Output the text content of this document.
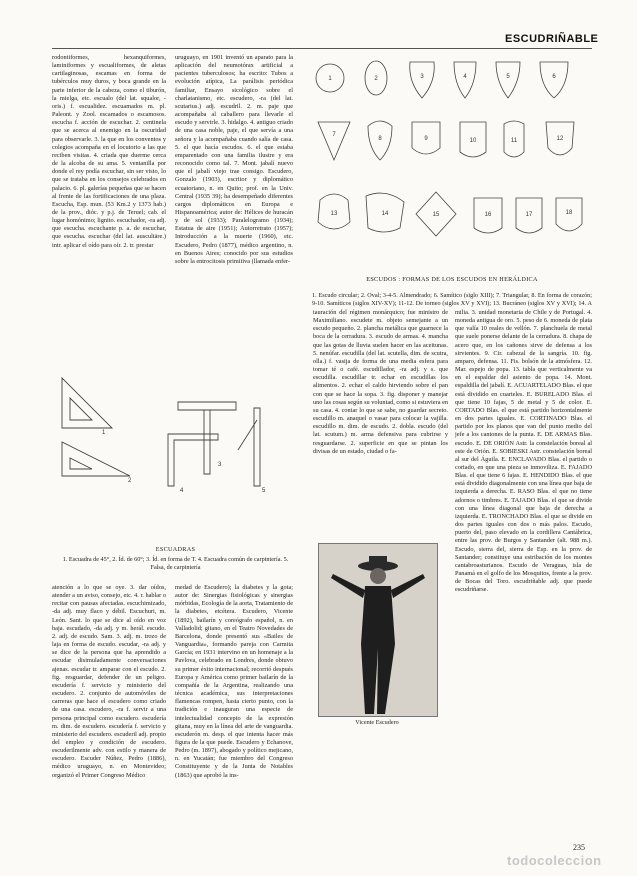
ESCUDRIÑABLE

rodontiformes, hexanquiformes, laminiformes y escualiformes, de aletas cartilaginosas, escamas en forma de tubérculos muy duros, y boca grande en la parte inferior de la cabeza, como el tiburón, la mielga, etc. escualo (del lat. squalor, -oris.) f. escualidez. escuamados m. pl. Paleont. y Zool. escamados o escamosos. escucha f. acción de escuchar. 2. centinela que se acerca al enemigo en la oscuridad para observarle. 3. la que en los conventos y colegios acompaña en el locutorio a las que reciben visitas. 4. criada que duerme cerca de la alcoba de su ama. 5. ventanilla por donde el rey podía escuchar, sin ser visto, lo que se trataba en los consejos celebrados en palacio. 6. pl. galerías pequeñas que se hacen al frente de las fortificaciones de una plaza. Escucha, Esp. mun. (53 Km.2 y 1373 hab.) de la prov., dióc. y p.j. de Teruel; cab. el lugar homónimo; lignito. escuchador, -ra adj. que escucha. escuchante p. a. de escuchar, que escucha. escuchar (del lat. auscultāre.) intr. aplicar el oído para oír. 2. tr. prestar

uruguayo, en 1901 inventó un aparato para la aplicación del neumotórax artificial a pacientes tuberculosos; ha escrito: Tubos a evolución atípica, La parálisis periódica familiar, Ensayo sicológico sobre el charlatanismo, etc. escudero, -ra (del lat. scutarius.) adj. escudril. 2. m. paje que acompañaba al caballero para llevarle el escudo y servirle. 3. hidalgo. 4. antiguo criado de una casa noble, paje, el que servía a una señora y la acompañaba cuando salía de casa. 5. el que hacía escudos. 6. el que estaba emparentado con una familia ilustre y era reconocido como tal. 7. Mont. jabalí nuevo que el jabalí viejo trae consigo. Escudero, Gonzalo (1903), escritor y diplomático ecuatoriano, n. en Quito; prof. en la Univ. Central (1935 39); ha desempeñado diferentes cargos diplomáticos en Europa e Hispanoamérica; autor de: Hélices de huracán y de sol (1933); Paralelogramo (1934); Estatua de aire (1951); Autorretrato (1957); Introducción a la muerte (1960), etc. Escudero, Pedro (1877), médico argentino, n. en Buenos Aires; conocido por sus estudios sobre la entrocitosis primitiva (llamada enfer-

1	2	3	4	5	6
7
8	9	10	11	12
13	14	15	16	17	18
ESCUDOS : FORMAS DE LOS ESCUDOS EN HERÁLDICA
1. Escudo circular; 2. Oval; 3-4-5. Almendrado; 6. Samítico (siglo XIII); 7. Triangular, 8. En forma de corazón; 9-10. Samíticos (siglos XIV-XV); 11-12. De torneo (siglos XV y XVI); 13. Bucráneo (siglos XV y XVI); 14. A
1
2
3
4	5
ESCUADRAS
1. Escuadra de 45°, 2. Íd. de 60°; 3. Íd. en forma de T. 4. Escuadra común de carpintería. 5. Falsa, de carpintería

atención a lo que se oye. 3. dar oídos, atender a un aviso, consejo, etc. 4. r. hablar o recitar con pausas afectadas. escuchimizado, -da adj. muy flaco y débil. Escuchuri, m. León. Sant. lo que se dice al oído en voz baja. escudado, -da adj. y m. herál. escudo. 2. adj. de escudo. Sam. 3. adj. m. trozo de laja en forma de escudo. escudar, -ra adj. y se dice de la persona que ha aprendido a escudar disimuladamente conversaciones ajenas. escudar tr. amparar con el escudo. 2. fig. resguardar, defender de un peligro. escudería f. servicio y ministerio del escudero. 2. conjunto de automóviles de carreras que hace el escudero como criado de una casa. escudero, -ra f. servir a una persona principal como escudero. escudería m. dim. de escudero. escudería f. servicio y ministerio del escudero. escuderil adj. propio del empleo y condición de escudero. escuderilmente adv. con estilo y manera de escudero. Escuder Núñez, Pedro (1886), médico uruguayo, n. en Montevideo; organizó el Primer Congreso Médico

medad de Escudero); la diabetes y la gota; autor de: Sinergias fisiológicas y sinergias mórbidas, Ecología de la aorta, Tratamiento de la diabetes, etcétera. Escudero, Vicente (1892), bailarín y coreógrafo español, n. en Valladolid; gitano, en el Teatro Novedades de Barcelona, donde presentó sus «Bailes de Vanguardia», formando pareja con Carmita García; en 1931 intervino en un homenaje a la Pavlova, celebrado en Londres, donde obtuvo su primer éxito internacional; recorrió después Europa y América como primer bailarín de la compañía de la Argentina, realizando una técnica académica, sus interpretaciones flamencas rompen, hasta cierto punto, con la tradición e inauguran una especie de intelectualidad concepto de la expresión gitana, muy en la línea del arte de vanguardia. escuderón m. desp. el que intenta hacer más figura de la que puede. Escudero y Echanove, Pedro (m. 1897), abogado y político mejicano, n. en Yucatán; fue miembro del Congreso Constituyente y de la Junta de Notables (1863) que aprobó la ins-

tauración del régimen monárquico; fue ministro de Maximiliano. escudete m. objeto semejante a un escudo pequeño. 2. plancha metálica que guarnece la boca de la cerradura. 3. escudo de armas. 4. mancha que las gotas de lluvia suelen hacer en las aceitunas. 5. nenúfar. escudilla (del lat. scutella, dim. de scutra, olla.) f. vasija de forma de una media esfera para tomar té o café. escudillador, -ra adj. y s. que escudilla. escudillar tr. echar en escudillas los alimentos. 2. echar el caldo hirviendo sobre el pan con que se hace la sopa. 3. fig. disponer y manejar uno las cosas según su voluntad, como si estuviera en su casa. 4. contar lo que se sabe, no guardar secreto. escudillo m. anaquel o vasar para colocar la vajilla. escudillo m. dim. de escudo. 2. dobla. escudo (del lat. scutum.) m. arma defensiva para cubrirse y resguardarse. 2. superficie en que se pintan los divisas de un estado, ciudad o fa-

milia. 3. unidad monetaria de Chile y de Portugal. 4. moneda antigua de oro. 5. peso de 6. moneda de plata que valía 10 reales de vellón. 7. planchuela de metal que suele ponerse delante de la cerradura. 8. chapa de acero que, en los cañones sirve de defensa a los sirvientes. 9. Cir. cabezal de la sangría. 10. fig. amparo, defensa. 11. Fis. bolsón de la atmósfera. 12. Mar. espejo de popa. 13. tabla que verticalmente va en el espaldar del asiento de popa. 14. Mont. espaldilla del jabalí. E. ACUARTELADO Blas. el que está dividido en cuarteles. E. BURELADO Blas. el que tiene 10 fajas, 5 de metal y 5 de color. E. CORTADO Blas. el que está partido horizontalmente en dos partes iguales. E. CORTINADO Blas. el partido por los planos que van del punto medio del jefe a los cantones de la punta. E. DE ARMAS Blas. escudo. E. DE ORIÓN Astr. la constelación boreal al este de Orión. E. SOBIESKI Astr. constelación boreal al sur del Águila. E. ENCLAVADO Blas. el partido o cortado, en que una pieza se inmoviliza. E. FAJADO Blas. el que tiene 6 fajas. E. HENDIDO Blas. el que está dividido diagonalmente con una línea que baja de izquierda a derecha. E. RASO Blas. el que no tiene adornos o timbres. E. TAJADO Blas. el que se divide con una línea diagonal que baja de derecha a izquierda. E. TRONCHADO Blas. el que se divide en dos partes iguales con dos o más palos. Escudo, puerto del, paso elevado en la cordillera Cantábrica, entre las prov. de Burgos y Santander (alt. 988 m.). Escudo, sierra del, sierra de Esp. en la prov. de Santander; constituye una estribación de los montes cantabroasturianos. Escudo de Veraguas, isla de Panamá en el golfo de los Mosquitos, frente a la prov. de Bocas del Toro. escudriñable adj. que puede escudriñarse.

Vicente Escudero
235
todocoleccion
